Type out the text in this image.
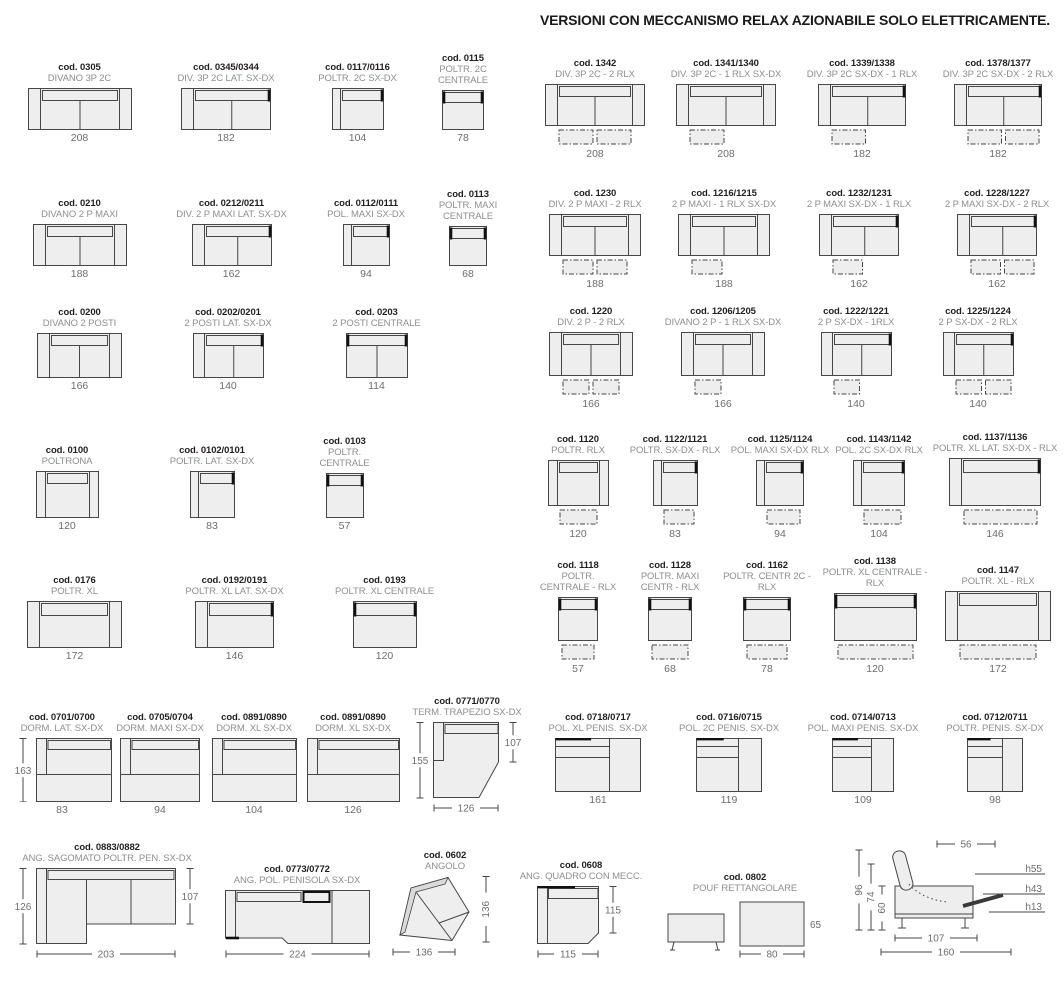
VERSIONI CON MECCANISMO RELAX AZIONABILE SOLO ELETTRICAMENTE.
cod. 0305
DIVANO 3P 2C
208
cod. 0345/0344
DIV. 3P 2C LAT. SX-DX
182
cod. 0117/0116
POLTR. 2C SX-DX
104
cod. 0115
POLTR. 2C CENTRALE
78
cod. 0210
DIVANO 2 P MAXI
188
cod. 0212/0211
DIV. 2 P MAXI LAT. SX-DX
162
cod. 0112/0111
POL. MAXI SX-DX
94
cod. 0113
POLTR. MAXI CENTRALE
68
cod. 0200
DIVANO 2 POSTI
166
cod. 0202/0201
2 POSTI LAT. SX-DX
140
cod. 0203
2 POSTI CENTRALE
114
cod. 0100
POLTRONA
120
cod. 0102/0101
POLTR. LAT. SX-DX
83
cod. 0103
POLTR. CENTRALE
57
cod. 0176
POLTR. XL
172
cod. 0192/0191
POLTR. XL LAT. SX-DX
146
cod. 0193
POLTR. XL CENTRALE
120
cod. 0701/0700
DORM. LAT. SX-DX
163
83
cod. 0705/0704
DORM. MAXI SX-DX
94
cod. 0891/0890
DORM. XL SX-DX
104
cod. 0891/0890
DORM. XL SX-DX
126
cod. 0771/0770
TERM. TRAPEZIO SX-DX
155
107
126
cod. 1342
DIV. 3P 2C - 2 RLX
208
cod. 1341/1340
DIV. 3P 2C - 1 RLX SX-DX
208
cod. 1339/1338
DIV. 3P 2C SX-DX - 1 RLX
182
cod. 1378/1377
DIV. 3P 2C SX-DX - 2 RLX
182
cod. 1230
DIV. 2 P MAXI - 2 RLX
188
cod. 1216/1215
2 P MAXI - 1 RLX SX-DX
188
cod. 1232/1231
2 P MAXI SX-DX - 1 RLX
162
cod. 1228/1227
2 P MAXI SX-DX - 2 RLX
162
cod. 1220
DIV. 2 P - 2 RLX
166
cod. 1206/1205
DIVANO 2 P - 1 RLX SX-DX
166
cod. 1222/1221
2 P SX-DX - 1RLX
140
cod. 1225/1224
2 P SX-DX - 2 RLX
140
cod. 1120
POLTR. RLX
120
cod. 1122/1121
POLTR. SX-DX - RLX
83
cod. 1125/1124
POL. MAXI SX-DX RLX
94
cod. 1143/1142
POL. 2C SX-DX RLX
104
cod. 1137/1136
POLTR. XL LAT. SX-DX - RLX
146
cod. 1118
POLTR. CENTRALE - RLX
57
cod. 1128
POLTR. MAXI CENTR - RLX
68
cod. 1162
POLTR. CENTR 2C - RLX
78
cod. 1138
POLTR. XL CENTRALE - RLX
120
cod. 1147
POLTR. XL - RLX
172
cod. 0718/0717
POL. XL PENIS. SX-DX
161
cod. 0716/0715
POL. 2C PENIS. SX-DX
119
cod. 0714/0713
POL. MAXI PENIS. SX-DX
109
cod. 0712/0711
POLTR. PENIS. SX-DX
98
cod. 0883/0882
ANG. SAGOMATO POLTR. PEN. SX-DX
126
107
203
cod. 0773/0772
ANG. POL. PENISOLA SX-DX
224
cod. 0602
ANGOLO
136
136
cod. 0608
ANG. QUADRO CON MECC.
115
115
cod. 0802
POUF RETTANGOLARE
65
80
96
74
60
56
h55
h43
h13
107
160
